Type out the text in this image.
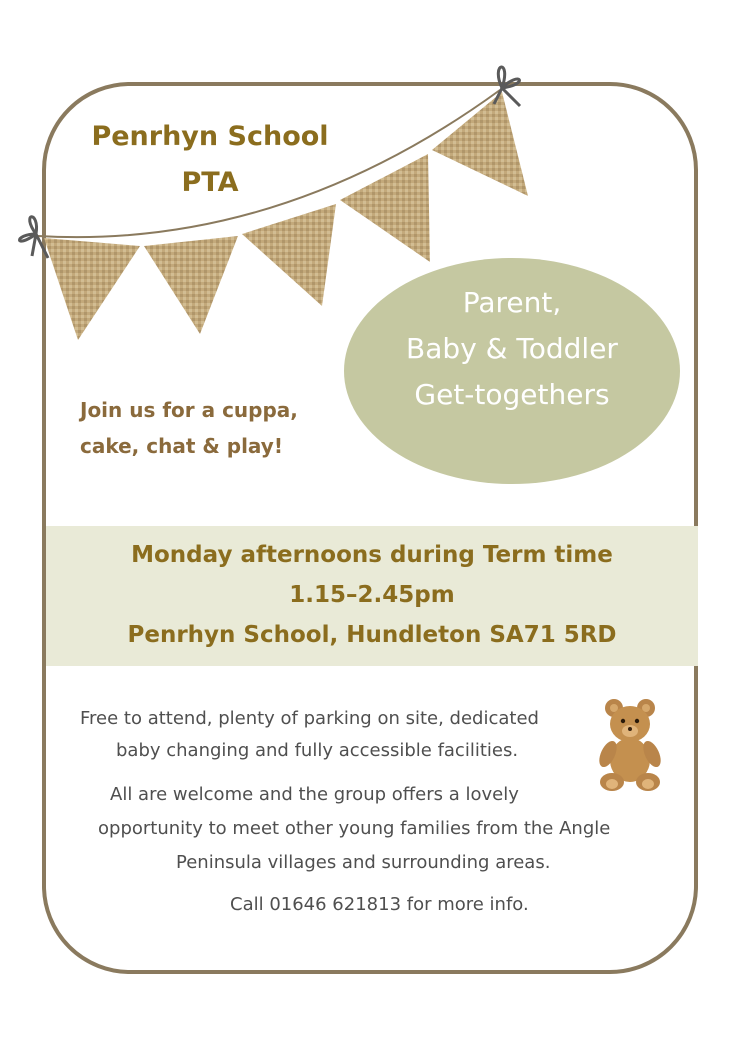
Penrhyn School
PTA
Parent,
Baby & Toddler
Get-togethers
Join us for a cuppa,
cake, chat & play!
Monday afternoons during Term time
1.15–2.45pm
Penrhyn School, Hundleton SA71 5RD
Free to attend, plenty of parking on site, dedicated
baby changing and fully accessible facilities.
All are welcome and the group offers a lovely
opportunity to meet other young families from the Angle
Peninsula villages and surrounding areas.
Call 01646 621813 for more info.
